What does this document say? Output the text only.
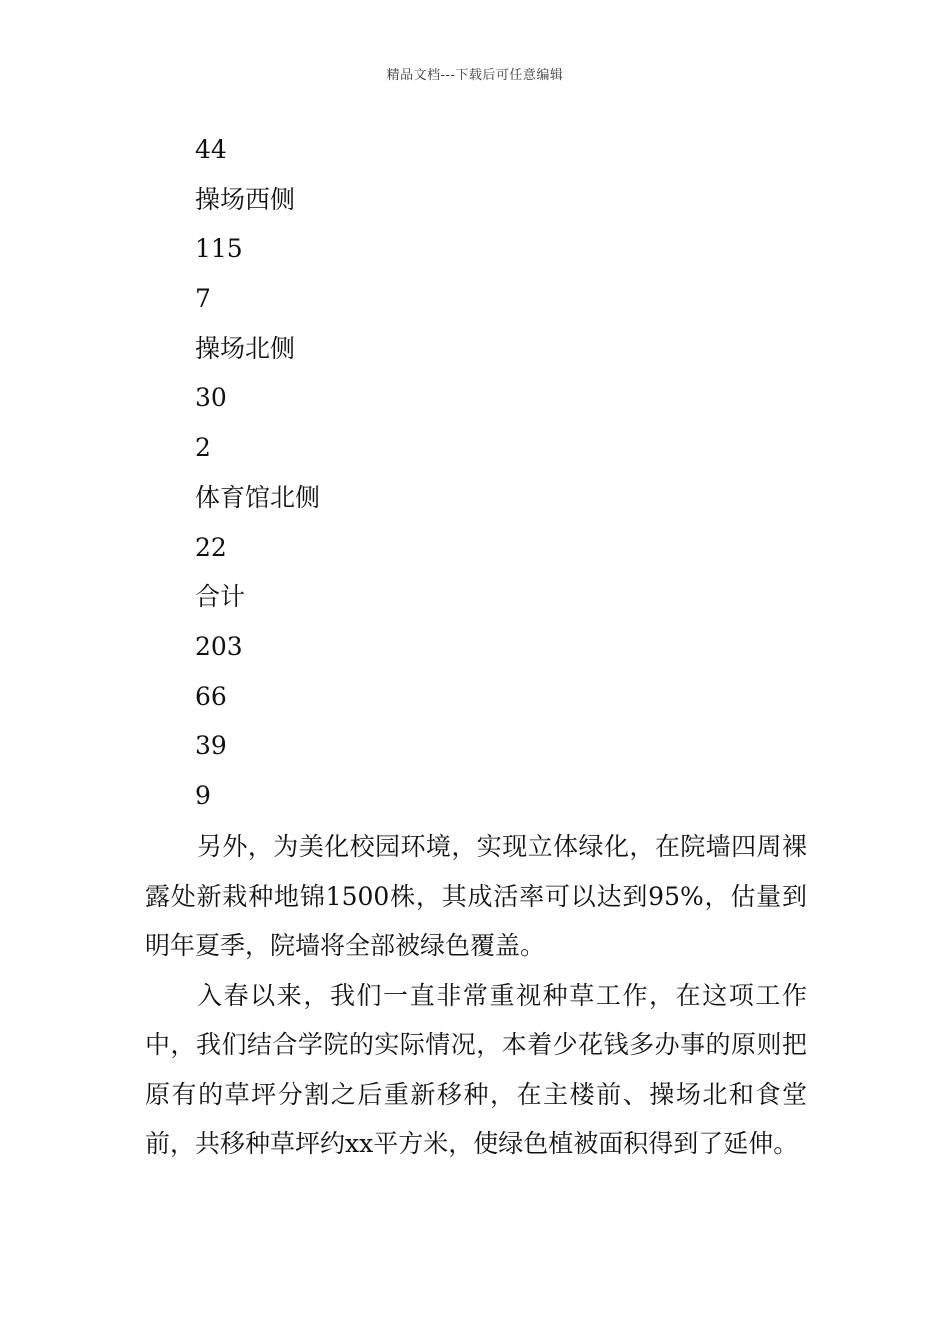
精品文档---下载后可任意编辑
44
操场西侧
115
7
操场北侧
30
2
体育馆北侧
22
合计
203
66
39
9

另外，为美化校园环境，实现立体绿化，在院墙四周裸露处新栽种地锦1500株，其成活率可以达到95%，估量到明年夏季，院墙将全部被绿色覆盖。

入春以来，我们一直非常重视种草工作，在这项工作中，我们结合学院的实际情况，本着少花钱多办事的原则把原有的草坪分割之后重新移种，在主楼前、操场北和食堂前，共移种草坪约xx平方米，使绿色植被面积得到了延伸。
